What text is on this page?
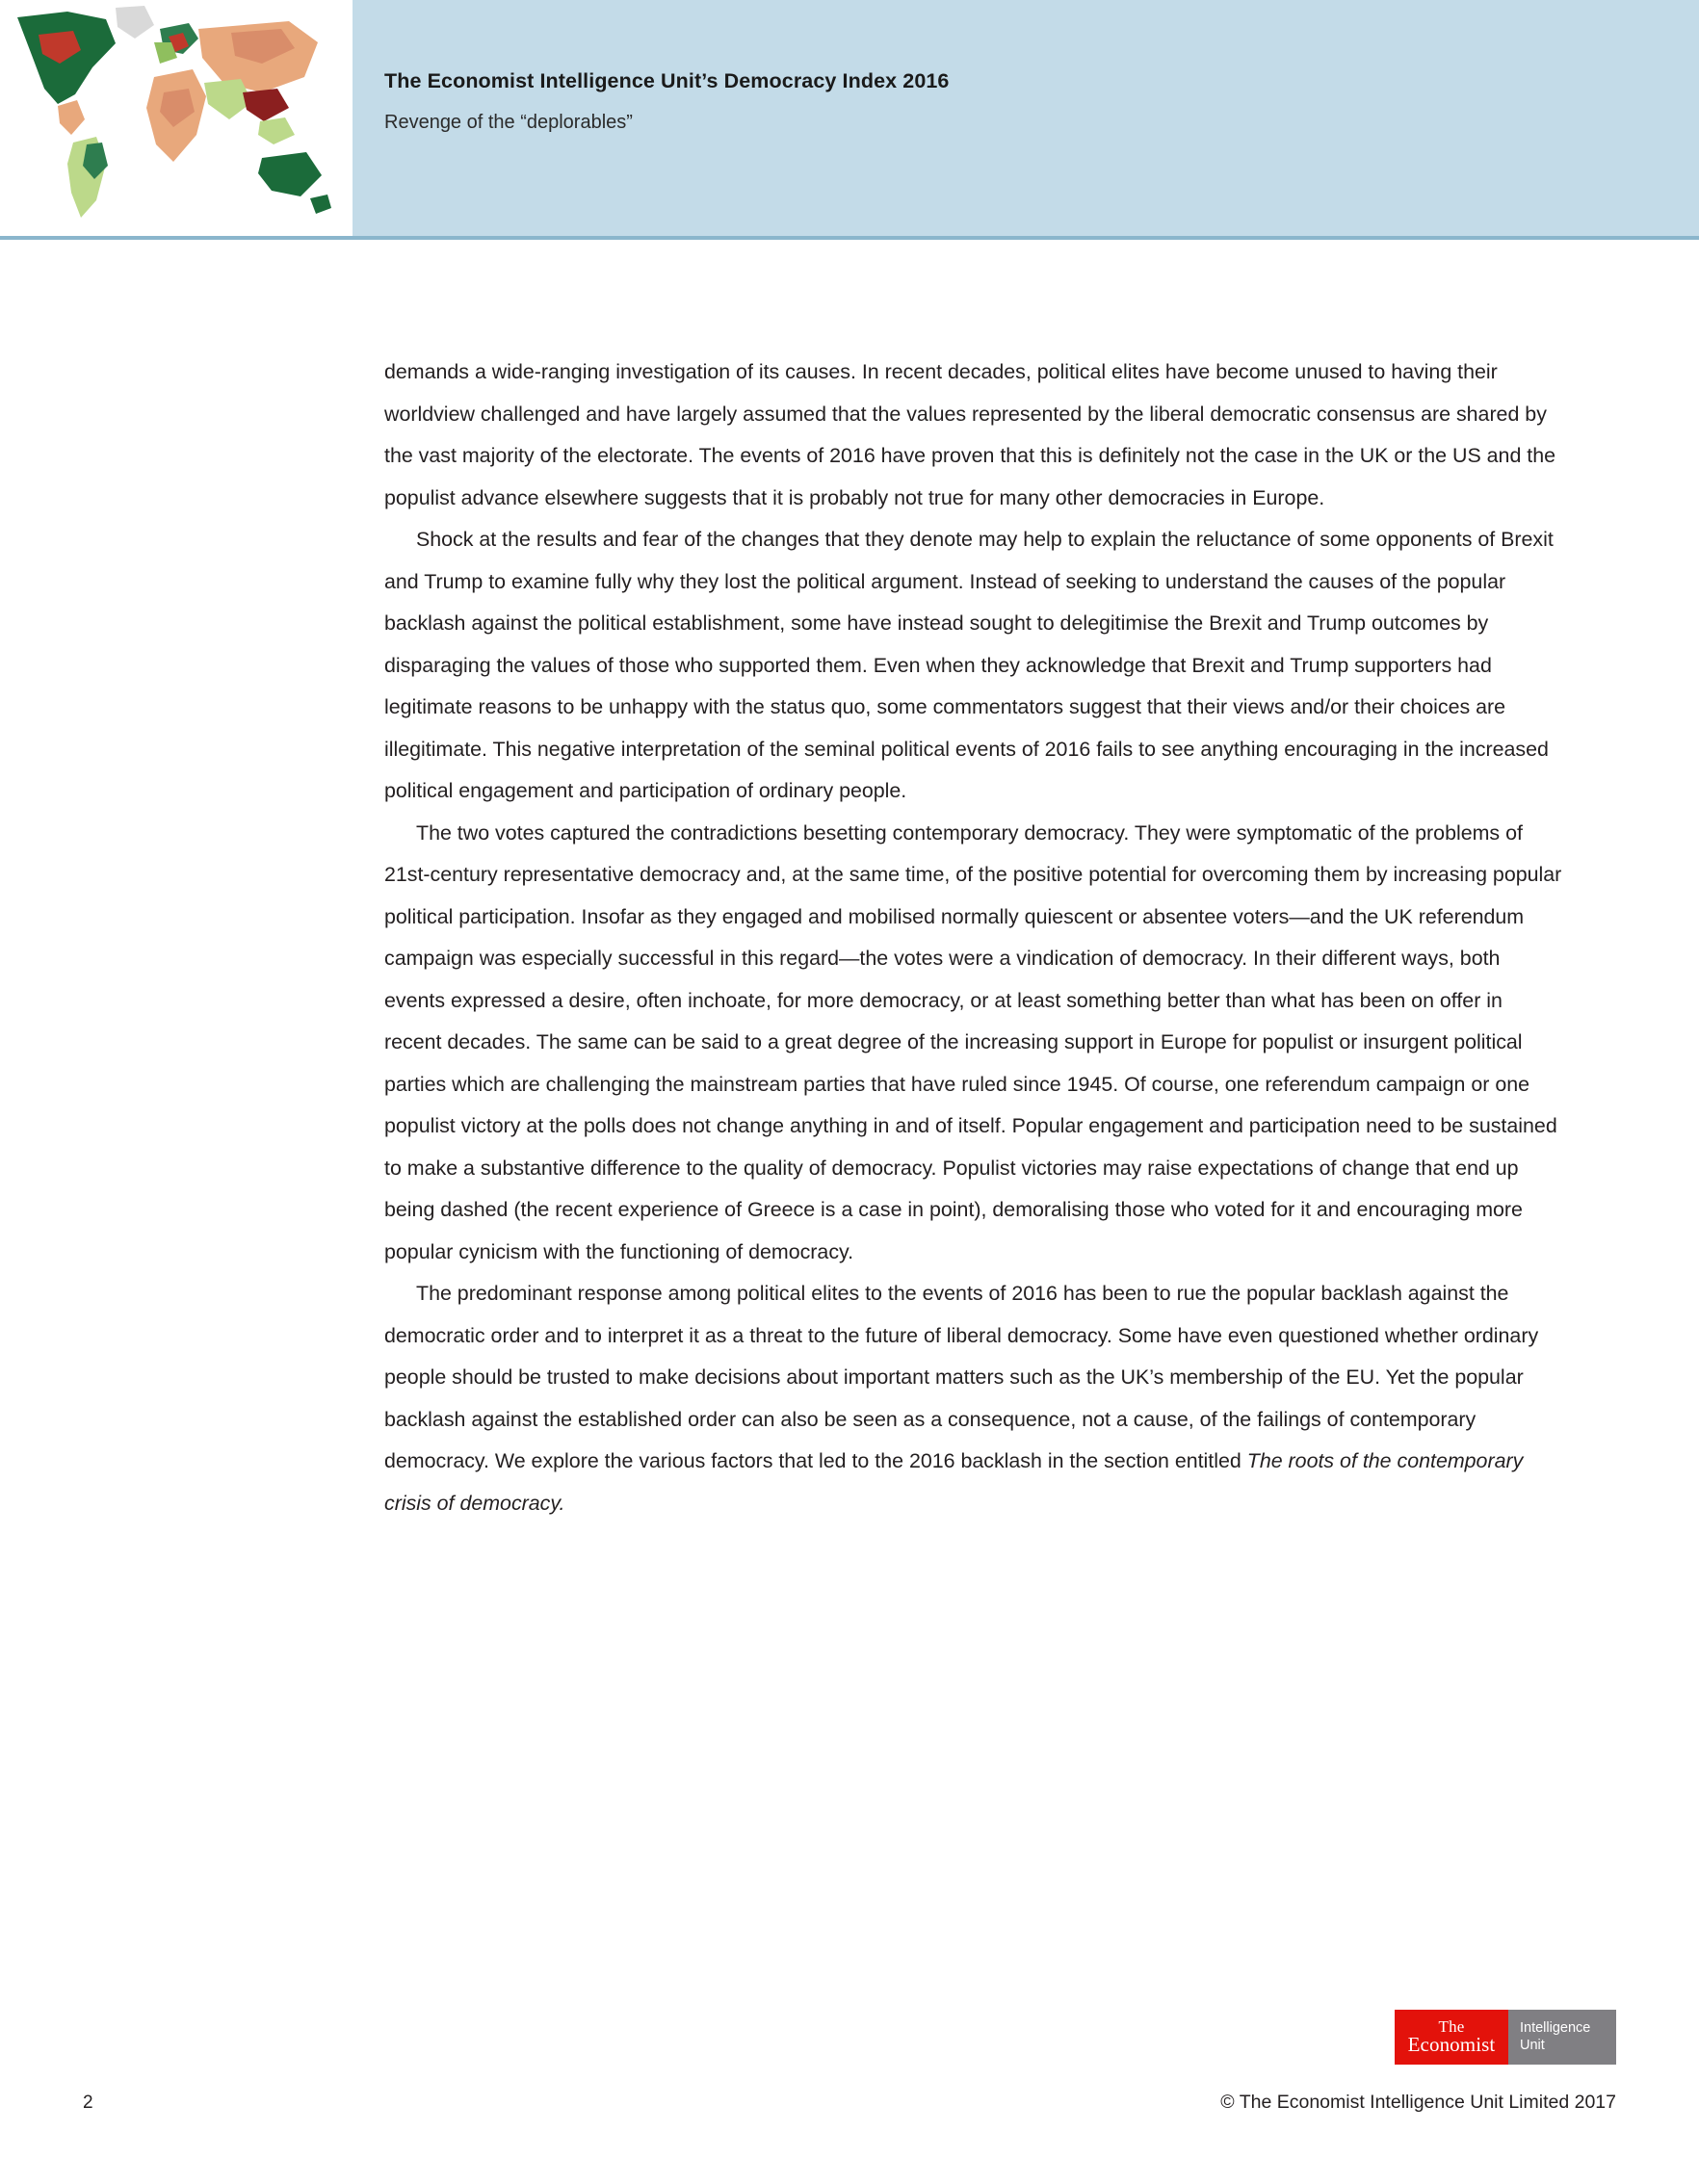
The Economist Intelligence Unit’s Democracy Index 2016
Revenge of the “deplorables”

demands a wide-ranging investigation of its causes. In recent decades, political elites have become unused to having their worldview challenged and have largely assumed that the values represented by the liberal democratic consensus are shared by the vast majority of the electorate. The events of 2016 have proven that this is definitely not the case in the UK or the US and the populist advance elsewhere suggests that it is probably not true for many other democracies in Europe.

Shock at the results and fear of the changes that they denote may help to explain the reluctance of some opponents of Brexit and Trump to examine fully why they lost the political argument. Instead of seeking to understand the causes of the popular backlash against the political establishment, some have instead sought to delegitimise the Brexit and Trump outcomes by disparaging the values of those who supported them. Even when they acknowledge that Brexit and Trump supporters had legitimate reasons to be unhappy with the status quo, some commentators suggest that their views and/or their choices are illegitimate. This negative interpretation of the seminal political events of 2016 fails to see anything encouraging in the increased political engagement and participation of ordinary people.

The two votes captured the contradictions besetting contemporary democracy. They were symptomatic of the problems of 21st-century representative democracy and, at the same time, of the positive potential for overcoming them by increasing popular political participation. Insofar as they engaged and mobilised normally quiescent or absentee voters—and the UK referendum campaign was especially successful in this regard—the votes were a vindication of democracy. In their different ways, both events expressed a desire, often inchoate, for more democracy, or at least something better than what has been on offer in recent decades. The same can be said to a great degree of the increasing support in Europe for populist or insurgent political parties which are challenging the mainstream parties that have ruled since 1945. Of course, one referendum campaign or one populist victory at the polls does not change anything in and of itself. Popular engagement and participation need to be sustained to make a substantive difference to the quality of democracy. Populist victories may raise expectations of change that end up being dashed (the recent experience of Greece is a case in point), demoralising those who voted for it and encouraging more popular cynicism with the functioning of democracy.

The predominant response among political elites to the events of 2016 has been to rue the popular backlash against the democratic order and to interpret it as a threat to the future of liberal democracy. Some have even questioned whether ordinary people should be trusted to make decisions about important matters such as the UK’s membership of the EU. Yet the popular backlash against the established order can also be seen as a consequence, not a cause, of the failings of contemporary democracy. We explore the various factors that led to the 2016 backlash in the section entitled The roots of the contemporary crisis of democracy.

2
The
Economist
Intelligence
Unit
© The Economist Intelligence Unit Limited 2017
